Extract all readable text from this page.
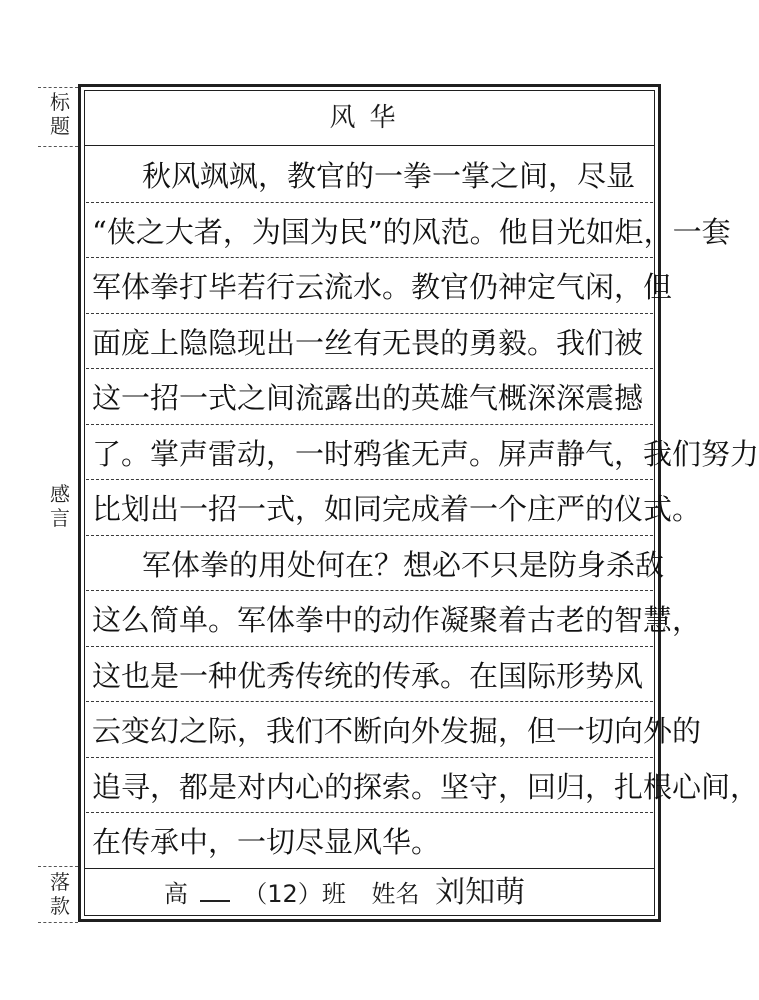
标题
感言
落款
风华
秋风飒飒，教官的一拳一掌之间，尽显
“侠之大者，为国为民”的风范。他目光如炬，一套
军体拳打毕若行云流水。教官仍神定气闲，但
面庞上隐隐现出一丝有无畏的勇毅。我们被
这一招一式之间流露出的英雄气概深深震撼
了。掌声雷动，一时鸦雀无声。屏声静气，我们努力
比划出一招一式，如同完成着一个庄严的仪式。
军体拳的用处何在？想必不只是防身杀敌
这么简单。军体拳中的动作凝聚着古老的智慧，
这也是一种优秀传统的传承。在国际形势风
云变幻之际，我们不断向外发掘，但一切向外的
追寻，都是对内心的探索。坚守，回归，扎根心间，
在传承中，一切尽显风华。
高 （12）班 姓名 刘知萌
